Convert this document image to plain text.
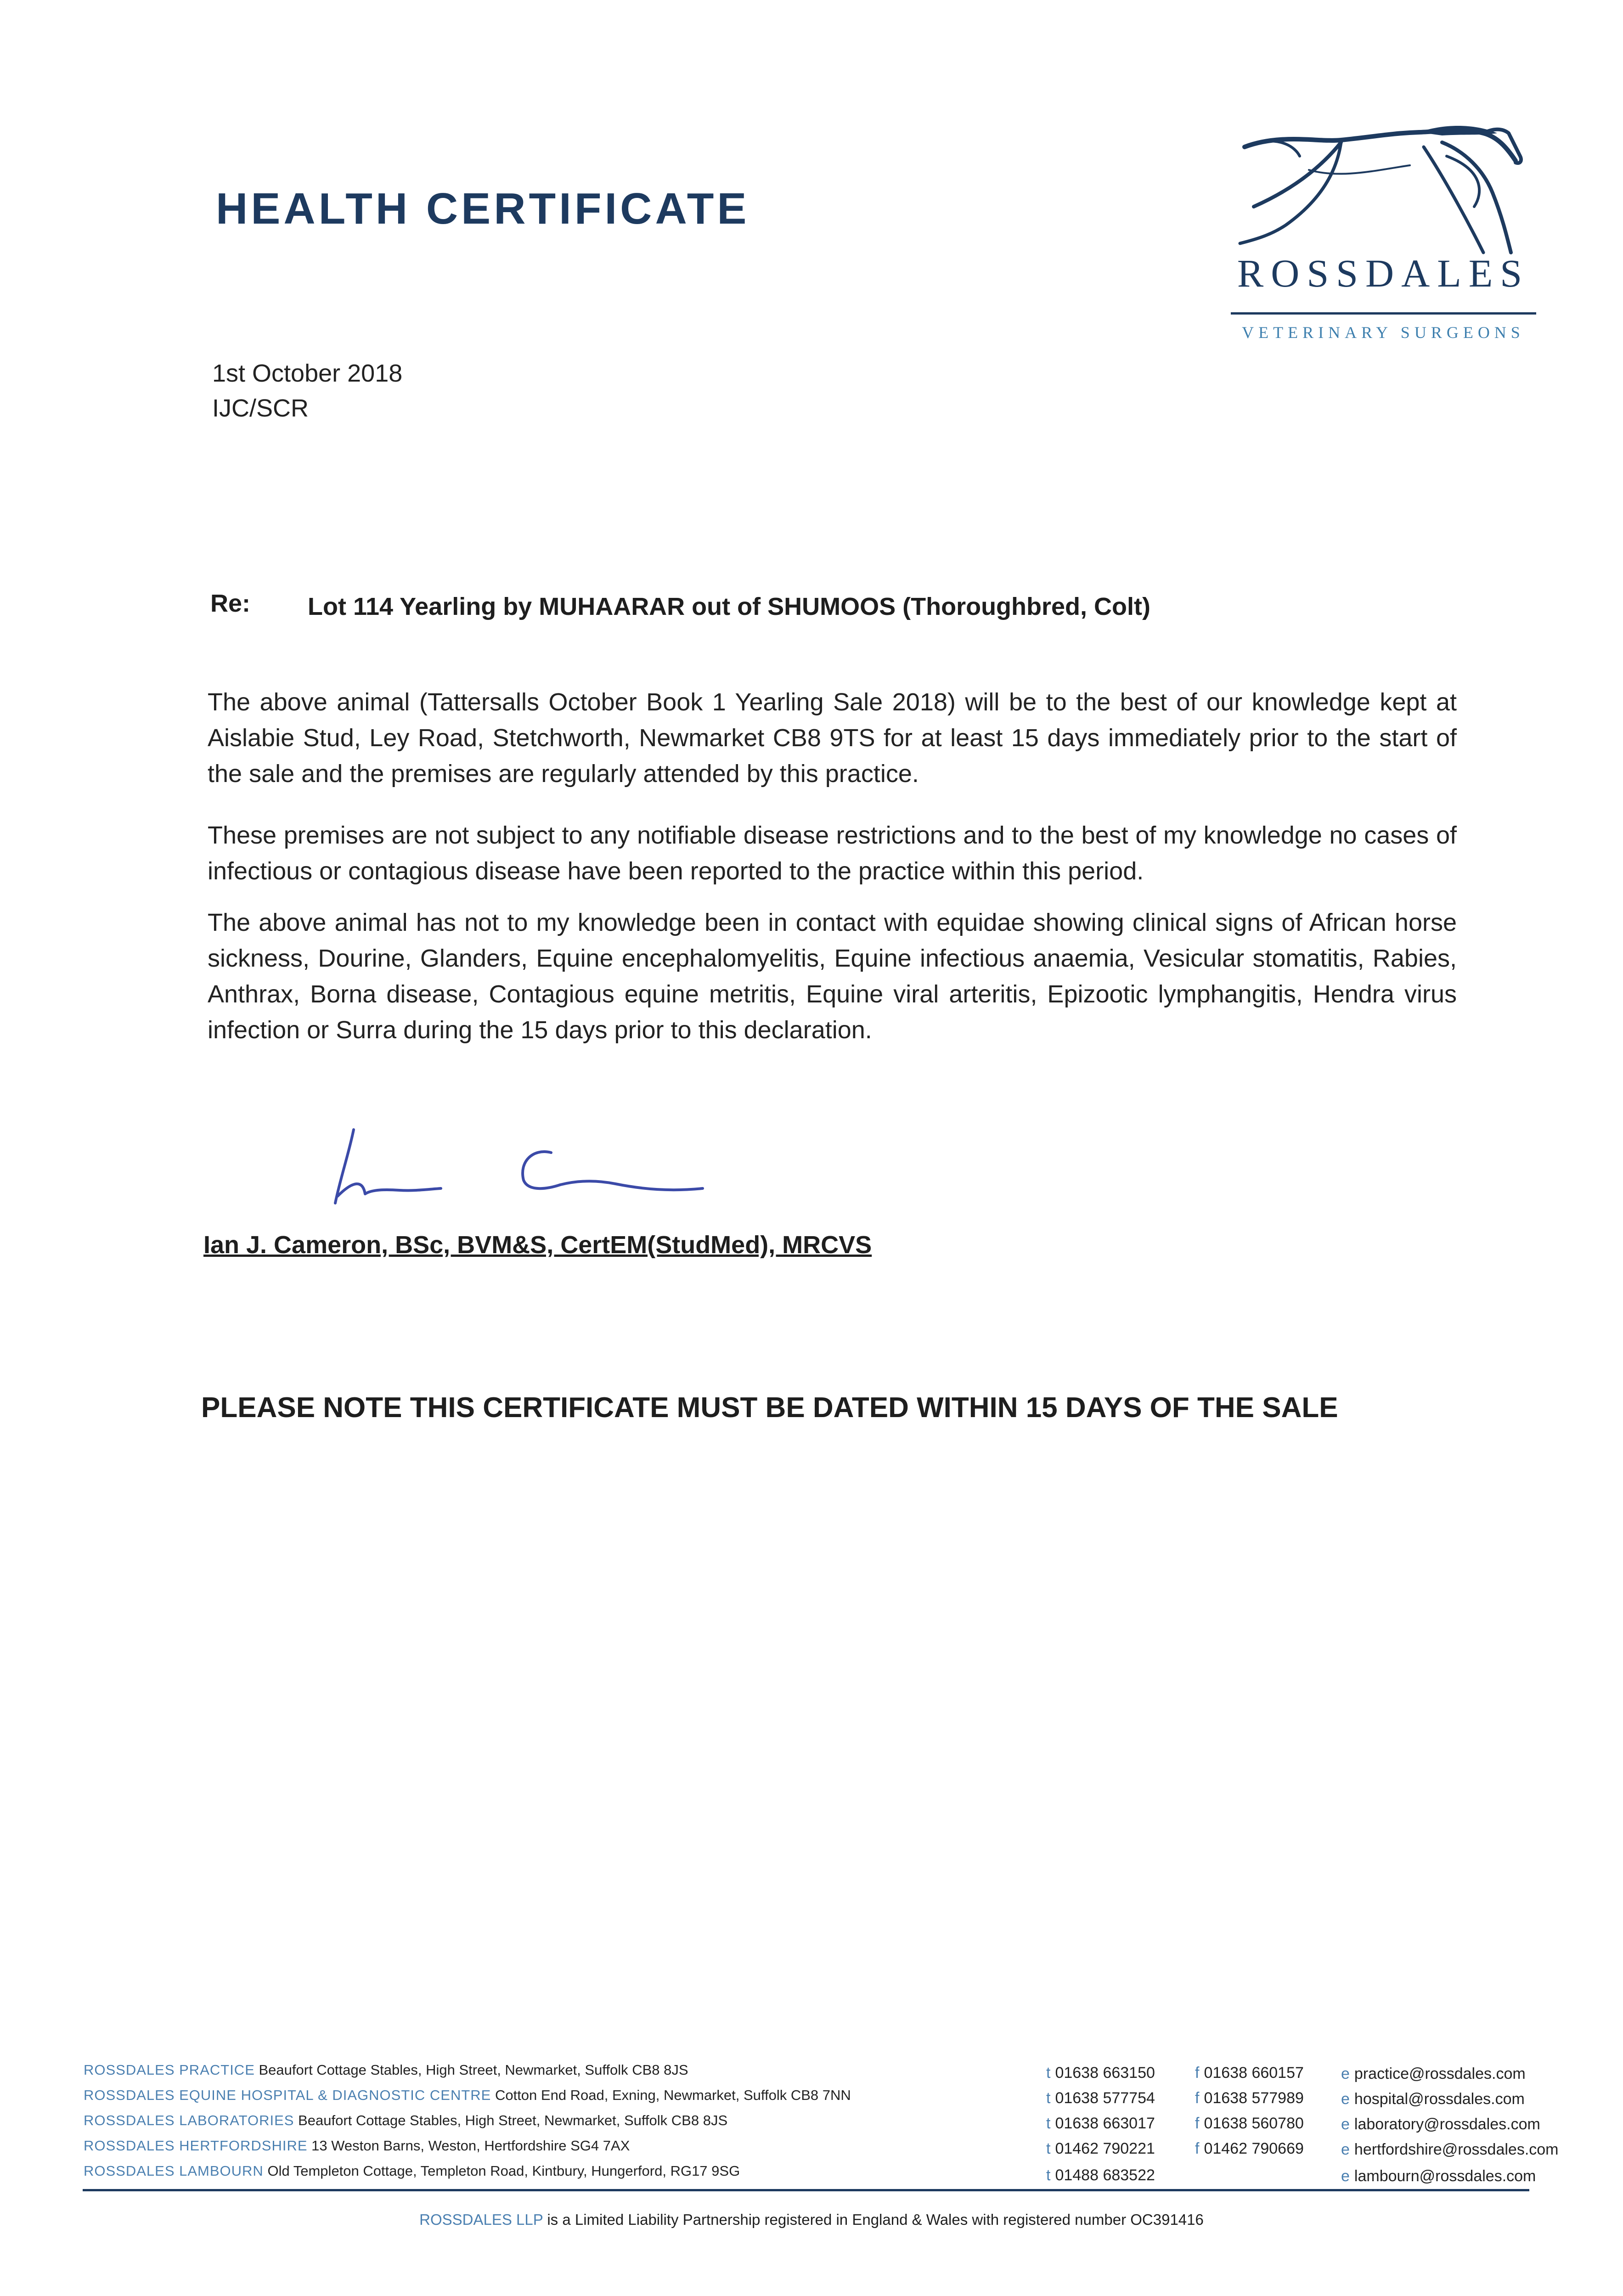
HEALTH CERTIFICATE
ROSSDALES
VETERINARY SURGEONS
1st October 2018
IJC/SCR
Re: Lot 114 Yearling by MUHAARAR out of SHUMOOS (Thoroughbred, Colt)
The above animal (Tattersalls October Book 1 Yearling Sale 2018) will be to the best of our knowledge kept at Aislabie Stud, Ley Road, Stetchworth, Newmarket CB8 9TS for at least 15 days immediately prior to the start of the sale and the premises are regularly attended by this practice.
These premises are not subject to any notifiable disease restrictions and to the best of my knowledge no cases of infectious or contagious disease have been reported to the practice within this period.
The above animal has not to my knowledge been in contact with equidae showing clinical signs of African horse sickness, Dourine, Glanders, Equine encephalomyelitis, Equine infectious anaemia, Vesicular stomatitis, Rabies, Anthrax, Borna disease, Contagious equine metritis, Equine viral arteritis, Epizootic lymphangitis, Hendra virus infection or Surra during the 15 days prior to this declaration.
Ian J. Cameron, BSc, BVM&S, CertEM(StudMed), MRCVS
PLEASE NOTE THIS CERTIFICATE MUST BE DATED WITHIN 15 DAYS OF THE SALE
ROSSDALES PRACTICE Beaufort Cottage Stables, High Street, Newmarket, Suffolk CB8 8JS
ROSSDALES EQUINE HOSPITAL & DIAGNOSTIC CENTRE Cotton End Road, Exning, Newmarket, Suffolk CB8 7NN
ROSSDALES LABORATORIES Beaufort Cottage Stables, High Street, Newmarket, Suffolk CB8 8JS
ROSSDALES HERTFORDSHIRE 13 Weston Barns, Weston, Hertfordshire SG4 7AX
ROSSDALES LAMBOURN Old Templeton Cottage, Templeton Road, Kintbury, Hungerford, RG17 9SG
t 01638 663150
t 01638 577754
t 01638 663017
t 01462 790221
t 01488 683522
f 01638 660157
f 01638 577989
f 01638 560780
f 01462 790669
e practice@rossdales.com
e hospital@rossdales.com
e laboratory@rossdales.com
e hertfordshire@rossdales.com
e lambourn@rossdales.com
ROSSDALES LLP is a Limited Liability Partnership registered in England & Wales with registered number OC391416
